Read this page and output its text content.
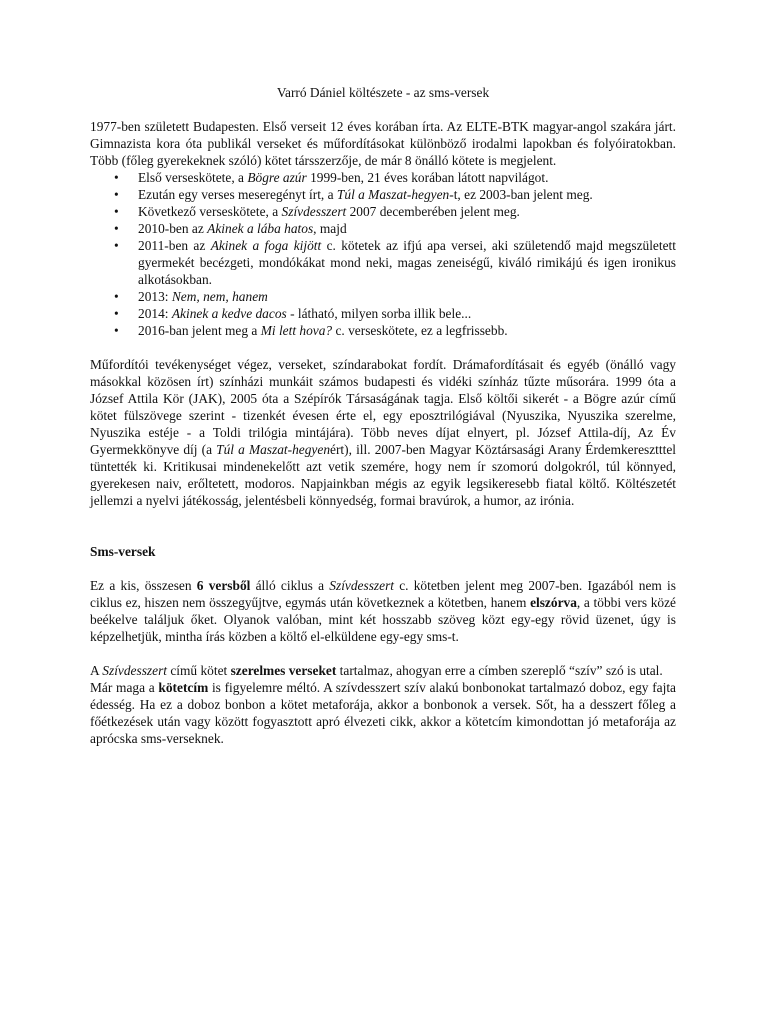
Varró Dániel költészete - az sms-versek

1977-ben született Budapesten. Első verseit 12 éves korában írta. Az ELTE-BTK magyar-angol szakára járt. Gimnazista kora óta publikál verseket és műfordításokat különböző irodalmi lapokban és folyóiratokban. Több (főleg gyerekeknek szóló) kötet társszerzője, de már 8 önálló kötete is megjelent.

• Első verseskötete, a Bögre azúr 1999-ben, 21 éves korában látott napvilágot.
• Ezután egy verses meseregényt írt, a Túl a Maszat-hegyen-t, ez 2003-ban jelent meg.
• Következő verseskötete, a Szívdesszert 2007 decemberében jelent meg.
• 2010-ben az Akinek a lába hatos, majd
• 2011-ben az Akinek a foga kijött c. kötetek az ifjú apa versei, aki születendő majd megszületett gyermekét becézgeti, mondókákat mond neki, magas zeneiségű, kiváló rimikájú és igen ironikus alkotásokban.
• 2013: Nem, nem, hanem
• 2014: Akinek a kedve dacos - látható, milyen sorba illik bele...
• 2016-ban jelent meg a Mi lett hova? c. verseskötete, ez a legfrissebb.

Műfordítói tevékenységet végez, verseket, színdarabokat fordít. Drámafordításait és egyéb (önálló vagy másokkal közösen írt) színházi munkáit számos budapesti és vidéki színház tűzte műsorára. 1999 óta a József Attila Kör (JAK), 2005 óta a Szépírók Társaságának tagja. Első költői sikerét - a Bögre azúr című kötet fülszövege szerint - tizenkét évesen érte el, egy eposztrilógiával (Nyuszika, Nyuszika szerelme, Nyuszika estéje - a Toldi trilógia mintájára). Több neves díjat elnyert, pl. József Attila-díj, Az Év Gyermekkönyve díj (a Túl a Maszat-hegyenért), ill. 2007-ben Magyar Köztársasági Arany Érdemkeresztttel tüntették ki. Kritikusai mindenekelőtt azt vetik szemére, hogy nem ír szomorú dolgokról, túl könnyed, gyerekesen naiv, erőltetett, modoros. Napjainkban mégis az egyik legsikeresebb fiatal költő. Költészetét jellemzi a nyelvi játékosság, jelentésbeli könnyedség, formai bravúrok, a humor, az irónia.

Sms-versek

Ez a kis, összesen 6 versből álló ciklus a Szívdesszert c. kötetben jelent meg 2007-ben. Igazából nem is ciklus ez, hiszen nem összegyűjtve, egymás után következnek a kötetben, hanem elszórva, a többi vers közé beékelve találjuk őket. Olyanok valóban, mint két hosszabb szöveg közt egy-egy rövid üzenet, úgy is képzelhetjük, mintha írás közben a költő el-elküldene egy-egy sms-t.

A Szívdesszert című kötet szerelmes verseket tartalmaz, ahogyan erre a címben szereplő “szív” szó is utal.

Már maga a kötetcím is figyelemre méltó. A szívdesszert szív alakú bonbonokat tartalmazó doboz, egy fajta édesség. Ha ez a doboz bonbon a kötet metaforája, akkor a bonbonok a versek. Sőt, ha a desszert főleg a főétkezések után vagy között fogyasztott apró élvezeti cikk, akkor a kötetcím kimondottan jó metaforája az aprócska sms-verseknek.
